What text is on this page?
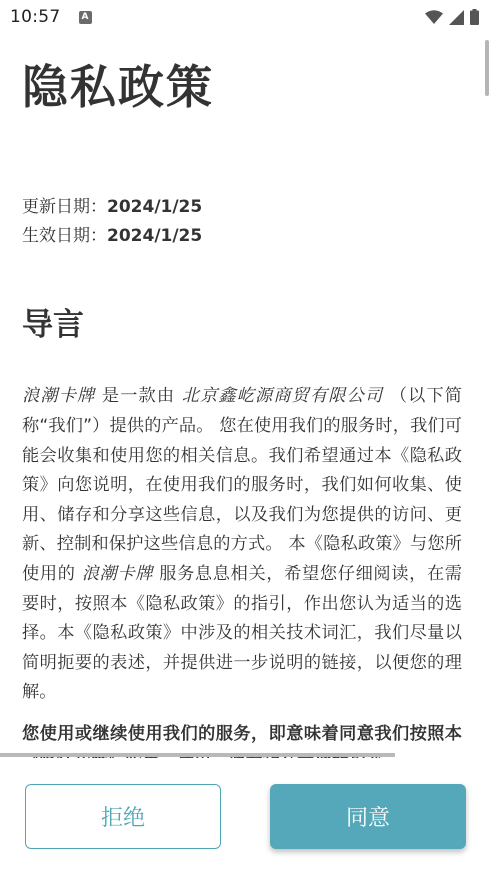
10:57	A
隐私政策
更新日期：2024/1/25
生效日期：2024/1/25
导言

浪潮卡牌 是一款由 北京鑫屹源商贸有限公司 （以下简称“我们”）提供的产品。 您在使用我们的服务时，我们可能会收集和使用您的相关信息。我们希望通过本《隐私政策》向您说明，在使用我们的服务时，我们如何收集、使用、储存和分享这些信息，以及我们为您提供的访问、更新、控制和保护这些信息的方式。 本《隐私政策》与您所使用的 浪潮卡牌 服务息息相关，希望您仔细阅读，在需要时，按照本《隐私政策》的指引，作出您认为适当的选择。本《隐私政策》中涉及的相关技术词汇，我们尽量以简明扼要的表述，并提供进一步说明的链接，以便您的理解。

您使用或继续使用我们的服务，即意味着同意我们按照本

拒绝	同意
